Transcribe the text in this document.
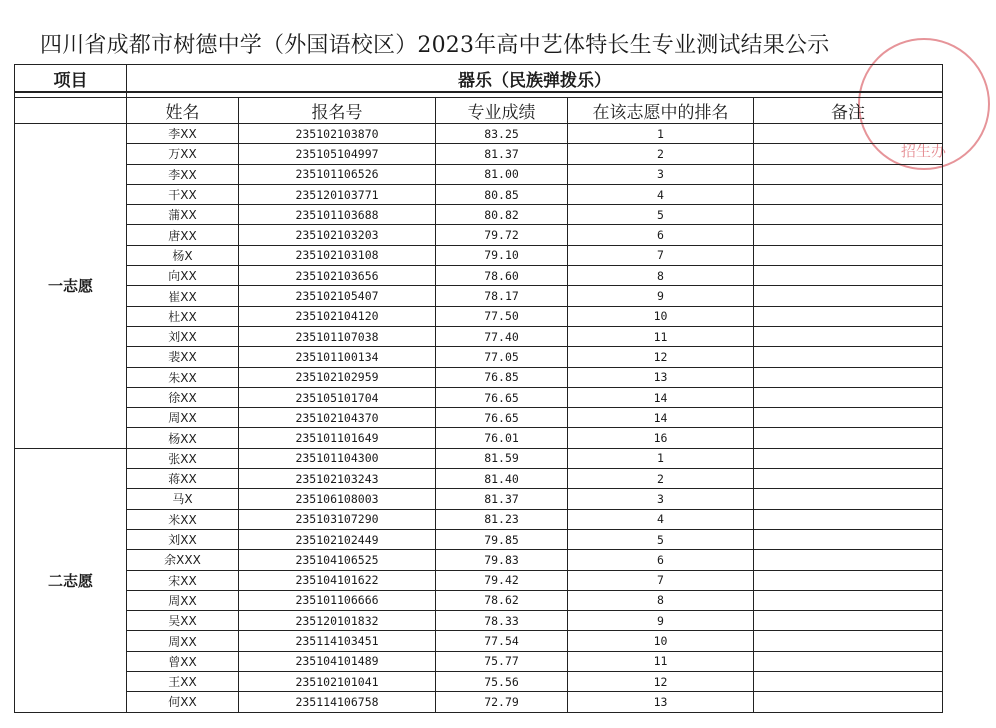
四川省成都市树德中学（外国语校区）2023年高中艺体特长生专业测试结果公示
招生办
项目	器乐（民族弹拨乐）				

	姓名	报名号	专业成绩	在该志愿中的排名	备注
一志愿	李XX	235102103870	83.25	1	
	万XX	235105104997	81.37	2	
	李XX	235101106526	81.00	3	
	干XX	235120103771	80.85	4	
	蒲XX	235101103688	80.82	5	
	唐XX	235102103203	79.72	6	
	杨X	235102103108	79.10	7	
	向XX	235102103656	78.60	8	
	崔XX	235102105407	78.17	9	
	杜XX	235102104120	77.50	10	
	刘XX	235101107038	77.40	11	
	裴XX	235101100134	77.05	12	
	朱XX	235102102959	76.85	13	
	徐XX	235105101704	76.65	14	
	周XX	235102104370	76.65	14	
	杨XX	235101101649	76.01	16	
二志愿	张XX	235101104300	81.59	1	
	蒋XX	235102103243	81.40	2	
	马X	235106108003	81.37	3	
	米XX	235103107290	81.23	4	
	刘XX	235102102449	79.85	5	
	余XXX	235104106525	79.83	6	
	宋XX	235104101622	79.42	7	
	周XX	235101106666	78.62	8	
	吴XX	235120101832	78.33	9	
	周XX	235114103451	77.54	10	
	曾XX	235104101489	75.77	11	
	王XX	235102101041	75.56	12	
	何XX	235114106758	72.79	13	
